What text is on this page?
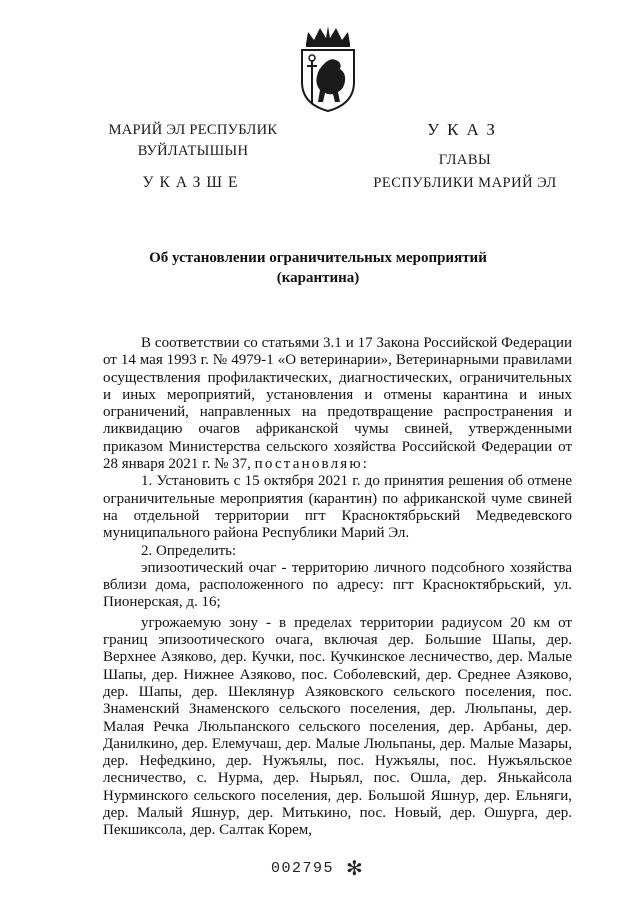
МАРИЙ ЭЛ РЕСПУБЛИК
ВУЙЛАТЫШЫН
УКАЗШЕ
УКАЗ
ГЛАВЫ
РЕСПУБЛИКИ МАРИЙ ЭЛ
Об установлении ограничительных мероприятий
(карантина)

В соответствии со статьями 3.1 и 17 Закона Российской Федерации от 14 мая 1993 г. № 4979-1 «О ветеринарии», Ветеринарными правилами осуществления профилактических, диагностических, ограничительных и иных мероприятий, установления и отмены карантина и иных ограничений, направленных на предотвращение распространения и ликвидацию очагов африканской чумы свиней, утвержденными приказом Министерства сельского хозяйства Российской Федерации от 28 января 2021 г. № 37, постановляю:

1. Установить с 15 октября 2021 г. до принятия решения об отмене ограничительные мероприятия (карантин) по африканской чуме свиней на отдельной территории пгт Красноктябрьский Медведевского муниципального района Республики Марий Эл.

2. Определить:

эпизоотический очаг - территорию личного подсобного хозяйства вблизи дома, расположенного по адресу: пгт Красноктябрьский, ул. Пионерская, д. 16;

угрожаемую зону - в пределах территории радиусом 20 км от границ эпизоотического очага, включая дер. Большие Шапы, дер. Верхнее Азяково, дер. Кучки, пос. Кучкинское лесничество, дер. Малые Шапы, дер. Нижнее Азяково, пос. Соболевский, дер. Среднее Азяково, дер. Шапы, дер. Шеклянур Азяковского сельского поселения, пос. Знаменский Знаменского сельского поселения, дер. Люльпаны, дер. Малая Речка Люльпанского сельского поселения, дер. Арбаны, дер. Данилкино, дер. Елемучаш, дер. Малые Люльпаны, дер. Малые Мазары, дер. Нефедкино, дер. Нужъялы, пос. Нужъялы, пос. Нужъяльское лесничество, с. Нурма, дер. Нырьял, пос. Ошла, дер. Янькайсола Нурминского сельского поселения, дер. Большой Яшнур, дер. Ельняги, дер. Малый Яшнур, дер. Митькино, пос. Новый, дер. Ошурга, дер. Пекшиксола, дер. Салтак Корем,

002795 ✻
